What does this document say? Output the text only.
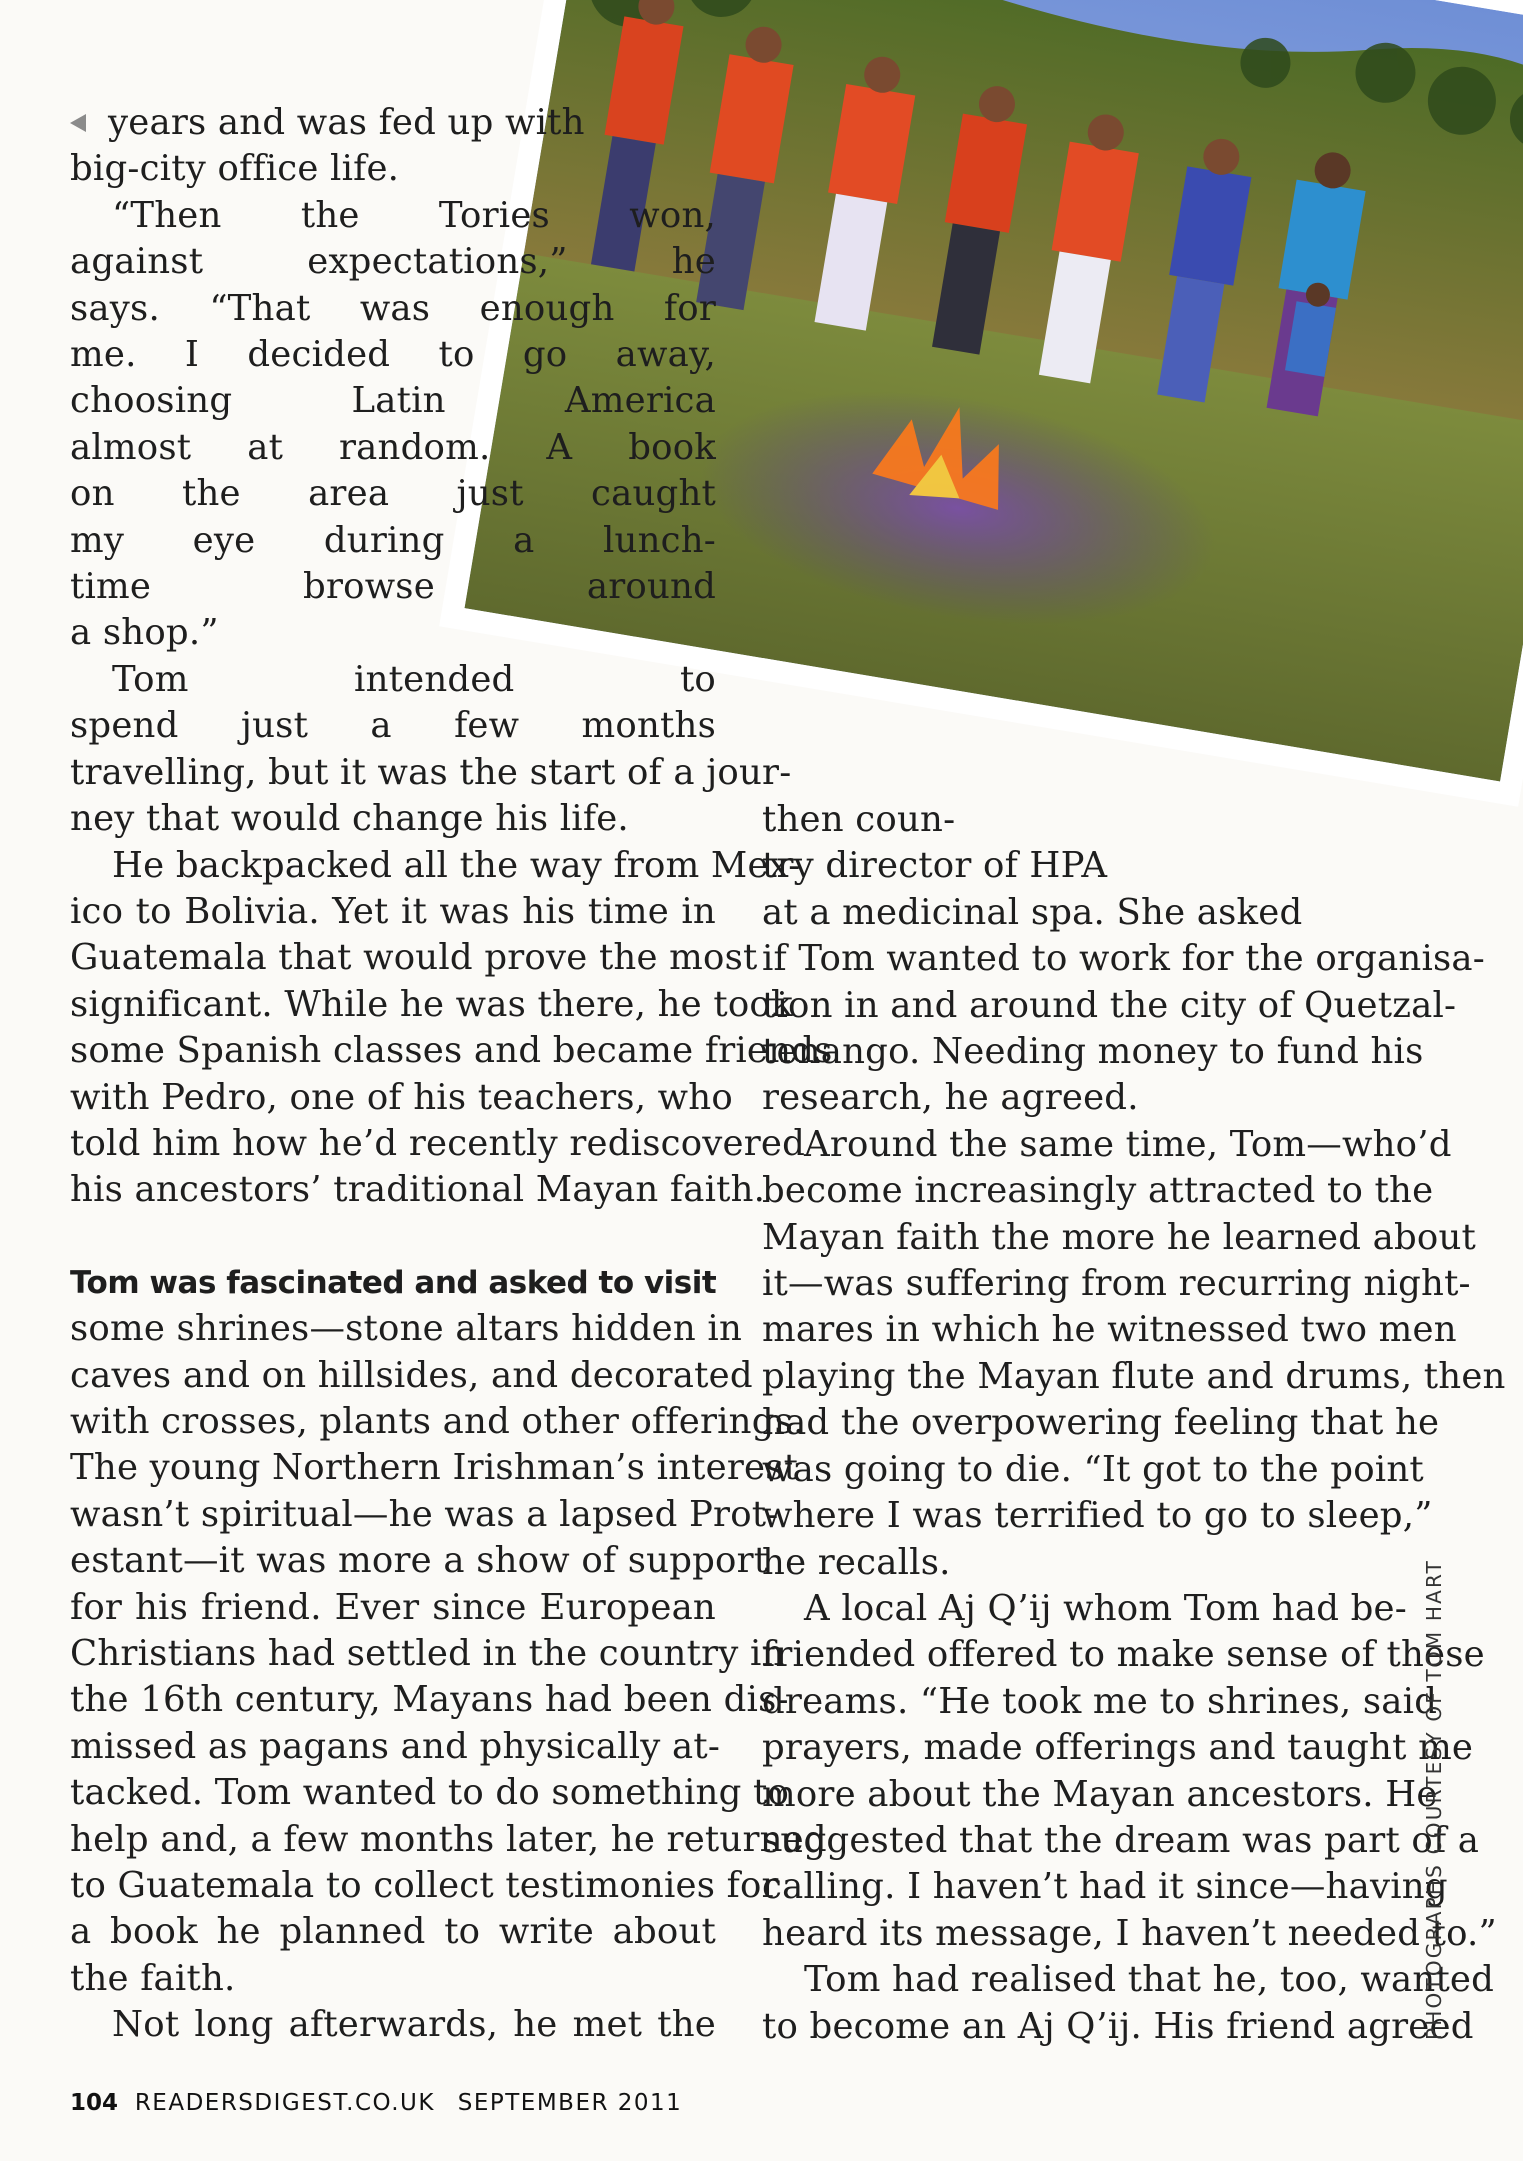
years and was fed up with
big-city office life.
“Then the Tories won,
against expectations,” he
says. “That was enough for
me. I decided to go away,
choosing Latin America
almost at random. A book
on the area just caught
my eye during a lunch-
time browse around
a shop.”
Tom intended to
spend just a few months
travelling, but it was the start of a jour-
ney that would change his life.
He backpacked all the way from Mex-
ico to Bolivia. Yet it was his time in
Guatemala that would prove the most
significant. While he was there, he took
some Spanish classes and became friends
with Pedro, one of his teachers, who
told him how he’d recently rediscovered
his ancestors’ traditional Mayan faith.
Tom was fascinated and asked to visit
some shrines—stone altars hidden in
caves and on hillsides, and decorated
with crosses, plants and other offerings.
The young Northern Irishman’s interest
wasn’t spiritual—he was a lapsed Prot-
estant—it was more a show of support
for his friend. Ever since European
Christians had settled in the country in
the 16th century, Mayans had been dis-
missed as pagans and physically at-
tacked. Tom wanted to do something to
help and, a few months later, he returned
to Guatemala to collect testimonies for
a book he planned to write about
the faith.
Not long afterwards, he met the
then coun-
try director of HPA
at a medicinal spa. She asked
if Tom wanted to work for the organisa-
tion in and around the city of Quetzal-
tenango. Needing money to fund his
research, he agreed.
Around the same time, Tom—who’d
become increasingly attracted to the
Mayan faith the more he learned about
it—was suffering from recurring night-
mares in which he witnessed two men
playing the Mayan flute and drums, then
had the overpowering feeling that he
was going to die. “It got to the point
where I was terrified to go to sleep,”
he recalls.
A local Aj Q’ij whom Tom had be-
friended offered to make sense of these
dreams. “He took me to shrines, said
prayers, made offerings and taught me
more about the Mayan ancestors. He
suggested that the dream was part of a
calling. I haven’t had it since—having
heard its message, I haven’t needed to.”
Tom had realised that he, too, wanted
to become an Aj Q’ij. His friend agreed
104 READERSDIGEST.CO.UK SEPTEMBER 2011
PHOTOGRAPHS COURTESY OF TOM HART
